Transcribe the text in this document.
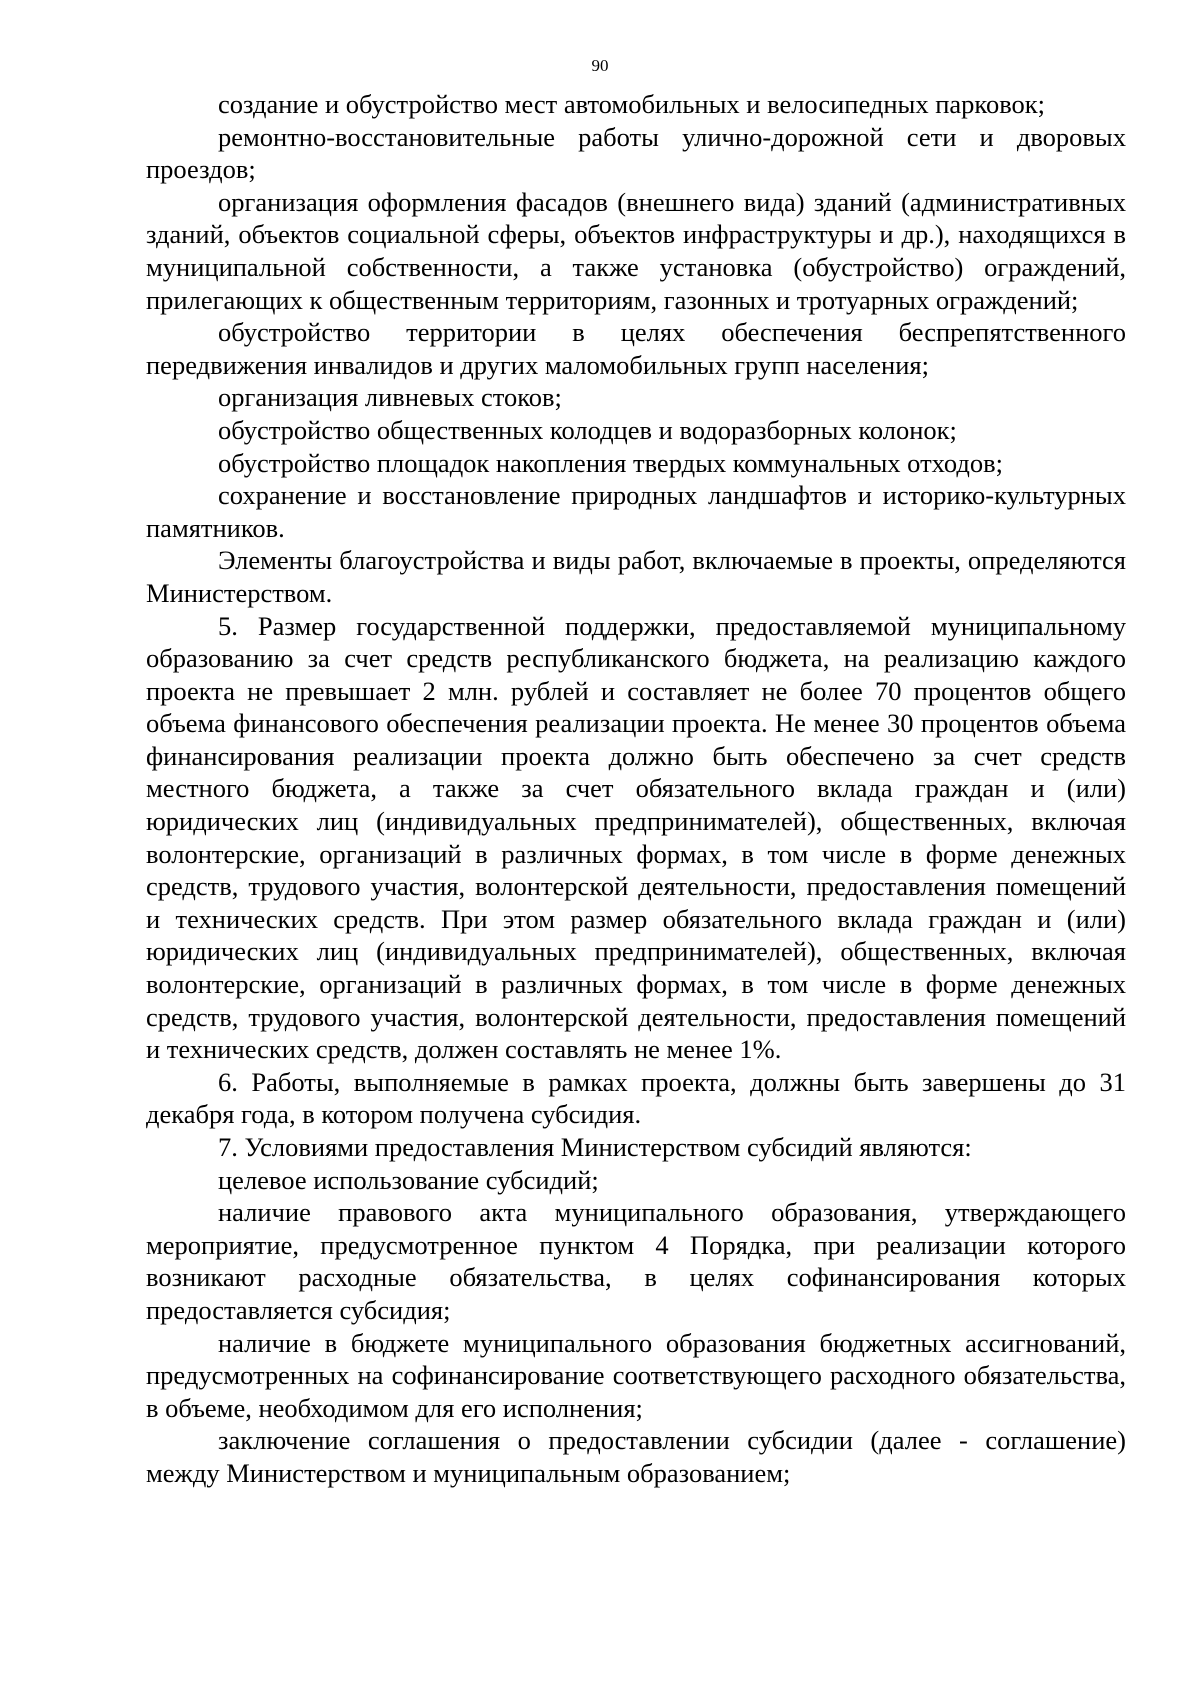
90

создание и обустройство мест автомобильных и велосипедных парковок;

ремонтно-восстановительные работы улично-дорожной сети и дворовых проездов;

организация оформления фасадов (внешнего вида) зданий (административных зданий, объектов социальной сферы, объектов инфраструктуры и др.), находящихся в муниципальной собственности, а также установка (обустройство) ограждений, прилегающих к общественным территориям, газонных и тротуарных ограждений;

обустройство территории в целях обеспечения беспрепятственного передвижения инвалидов и других маломобильных групп населения;

организация ливневых стоков;

обустройство общественных колодцев и водоразборных колонок;

обустройство площадок накопления твердых коммунальных отходов;

сохранение и восстановление природных ландшафтов и историко-культурных памятников.

Элементы благоустройства и виды работ, включаемые в проекты, определяются Министерством.

5. Размер государственной поддержки, предоставляемой муниципальному образованию за счет средств республиканского бюджета, на реализацию каждого проекта не превышает 2 млн. рублей и составляет не более 70 процентов общего объема финансового обеспечения реализации проекта. Не менее 30 процентов объема финансирования реализации проекта должно быть обеспечено за счет средств местного бюджета, а также за счет обязательного вклада граждан и (или) юридических лиц (индивидуальных предпринимателей), общественных, включая волонтерские, организаций в различных формах, в том числе в форме денежных средств, трудового участия, волонтерской деятельности, предоставления помещений и технических средств. При этом размер обязательного вклада граждан и (или) юридических лиц (индивидуальных предпринимателей), общественных, включая волонтерские, организаций в различных формах, в том числе в форме денежных средств, трудового участия, волонтерской деятельности, предоставления помещений и технических средств, должен составлять не менее 1%.

6. Работы, выполняемые в рамках проекта, должны быть завершены до 31 декабря года, в котором получена субсидия.

7. Условиями предоставления Министерством субсидий являются:

целевое использование субсидий;

наличие правового акта муниципального образования, утверждающего мероприятие, предусмотренное пунктом 4 Порядка, при реализации которого возникают расходные обязательства, в целях софинансирования которых предоставляется субсидия;

наличие в бюджете муниципального образования бюджетных ассигнований, предусмотренных на софинансирование соответствующего расходного обязательства, в объеме, необходимом для его исполнения;

заключение соглашения о предоставлении субсидии (далее - соглашение) между Министерством и муниципальным образованием;
